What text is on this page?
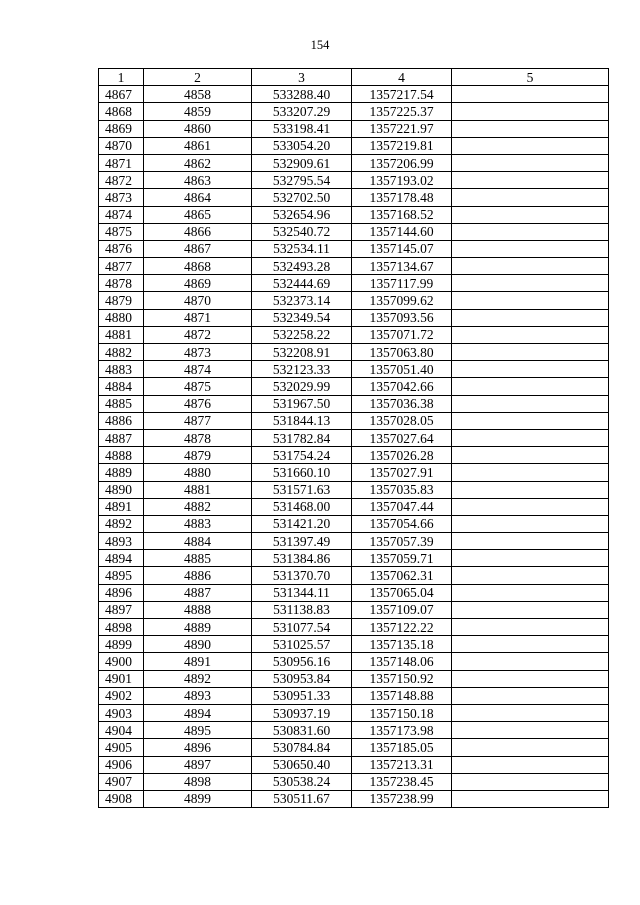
154
1	2	3	4	5
4867	4858	533288.40	1357217.54	
4868	4859	533207.29	1357225.37	
4869	4860	533198.41	1357221.97	
4870	4861	533054.20	1357219.81	
4871	4862	532909.61	1357206.99	
4872	4863	532795.54	1357193.02	
4873	4864	532702.50	1357178.48	
4874	4865	532654.96	1357168.52	
4875	4866	532540.72	1357144.60	
4876	4867	532534.11	1357145.07	
4877	4868	532493.28	1357134.67	
4878	4869	532444.69	1357117.99	
4879	4870	532373.14	1357099.62	
4880	4871	532349.54	1357093.56	
4881	4872	532258.22	1357071.72	
4882	4873	532208.91	1357063.80	
4883	4874	532123.33	1357051.40	
4884	4875	532029.99	1357042.66	
4885	4876	531967.50	1357036.38	
4886	4877	531844.13	1357028.05	
4887	4878	531782.84	1357027.64	
4888	4879	531754.24	1357026.28	
4889	4880	531660.10	1357027.91	
4890	4881	531571.63	1357035.83	
4891	4882	531468.00	1357047.44	
4892	4883	531421.20	1357054.66	
4893	4884	531397.49	1357057.39	
4894	4885	531384.86	1357059.71	
4895	4886	531370.70	1357062.31	
4896	4887	531344.11	1357065.04	
4897	4888	531138.83	1357109.07	
4898	4889	531077.54	1357122.22	
4899	4890	531025.57	1357135.18	
4900	4891	530956.16	1357148.06	
4901	4892	530953.84	1357150.92	
4902	4893	530951.33	1357148.88	
4903	4894	530937.19	1357150.18	
4904	4895	530831.60	1357173.98	
4905	4896	530784.84	1357185.05	
4906	4897	530650.40	1357213.31	
4907	4898	530538.24	1357238.45	
4908	4899	530511.67	1357238.99	
